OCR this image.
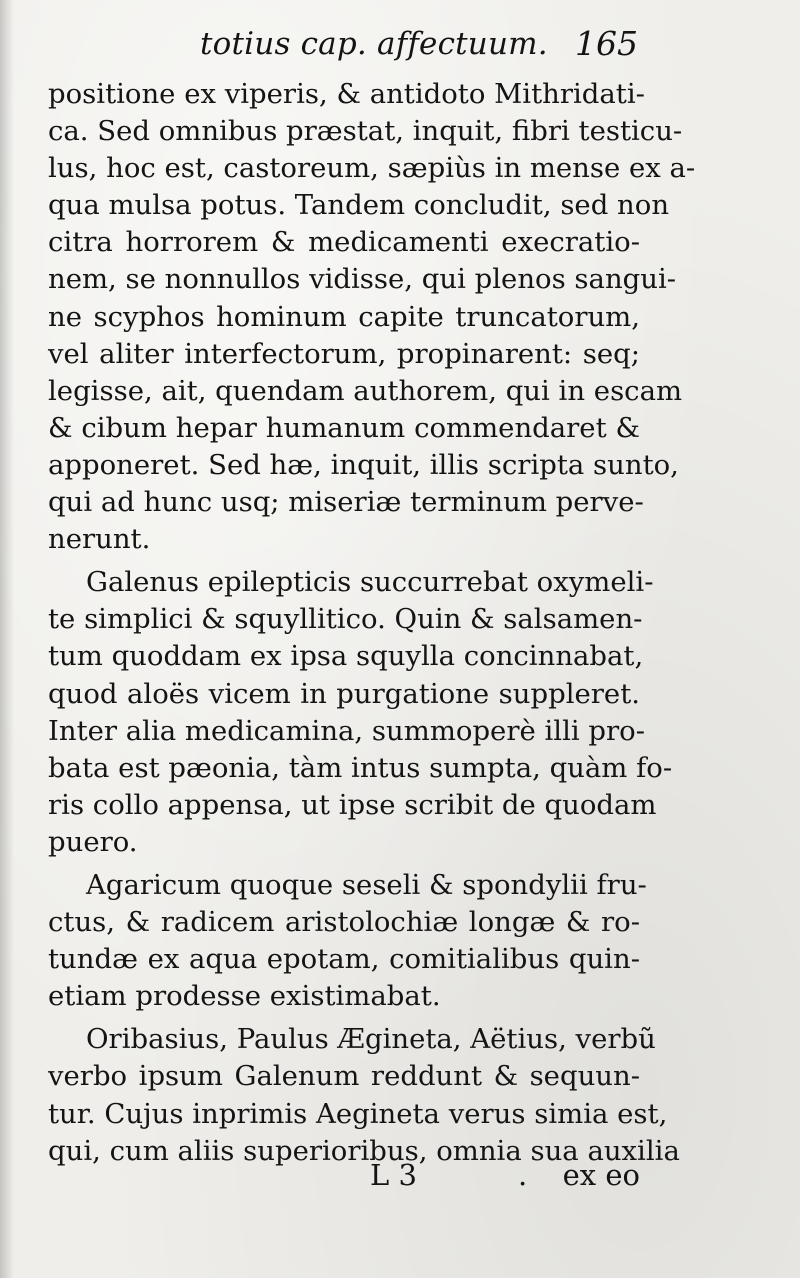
totius cap. affectuum. 165
positione ex viperis, & antidoto Mithridati-
ca. Sed omnibus præstat, inquit, fibri testicu-
lus, hoc est, castoreum, sæpiùs in mense ex a-
qua mulsa potus. Tandem concludit, sed non
citra horrorem & medicamenti execratio-
nem, se nonnullos vidisse, qui plenos sangui-
ne scyphos hominum capite truncatorum,
vel aliter interfectorum, propinarent: seq;
legisse, ait, quendam authorem, qui in escam
& cibum hepar humanum commendaret &
apponeret. Sed hæ, inquit, illis scripta sunto,
qui ad hunc usq; miseriæ terminum perve-
nerunt.
Galenus epilepticis succurrebat oxymeli-
te simplici & squyllitico. Quin & salsamen-
tum quoddam ex ipsa squylla concinnabat,
quod aloës vicem in purgatione suppleret.
Inter alia medicamina, summoperè illi pro-
bata est pæonia, tàm intus sumpta, quàm fo-
ris collo appensa, ut ipse scribit de quodam
puero.
Agaricum quoque seseli & spondylii fru-
ctus, & radicem aristolochiæ longæ & ro-
tundæ ex aqua epotam, comitialibus quin-
etiam prodesse existimabat.
Oribasius, Paulus Ægineta, Aëtius, verbũ
verbo ipsum Galenum reddunt & sequun-
tur. Cujus inprimis Aegineta verus simia est,
qui, cum aliis superioribus, omnia sua auxilia
L 3	. ex eo
